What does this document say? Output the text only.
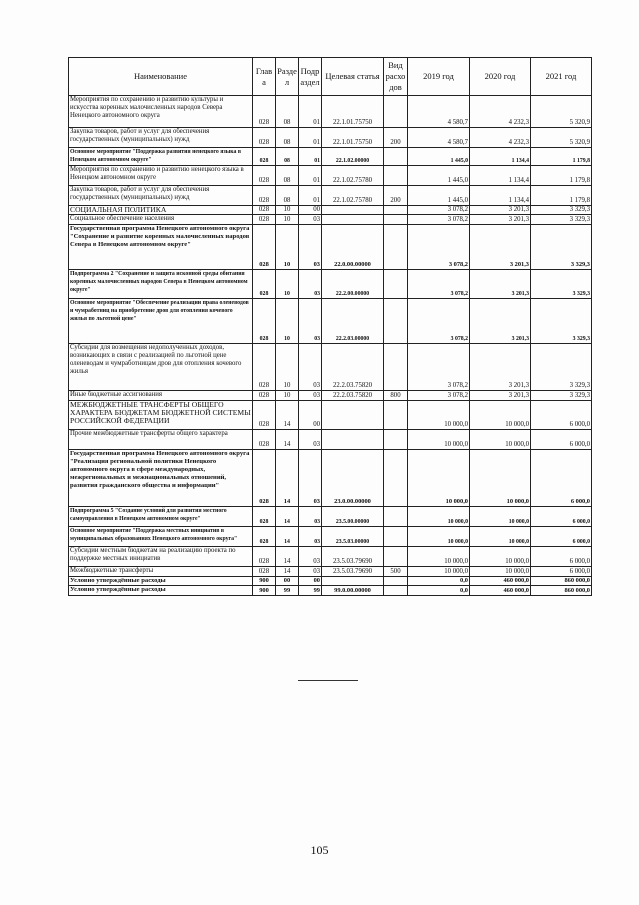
Наименование	Глав а	Разде л	Подр аздел	Целевая статья	Вид расхо дов	2019 год	2020 год	2021 год
Мероприятия по сохранению и развитию культуры и искусства коренных малочисленных народов Севера Ненецкого автономного округа	028	08	01	22.1.01.75750		4 580,7	4 232,3	5 320,9
Закупка товаров, работ и услуг для обеспечения государственных (муниципальных) нужд	028	08	01	22.1.01.75750	200	4 580,7	4 232,3	5 320,9
Основное мероприятие "Поддержка развития ненецкого языка в Ненецком автономном округе"	028	08	01	22.1.02.00000		1 445,0	1 134,4	1 179,8
Мероприятия по сохранению и развитию ненецкого языка в Ненецком автономном округе	028	08	01	22.1.02.75780		1 445,0	1 134,4	1 179,8
Закупка товаров, работ и услуг для обеспечения государственных (муниципальных) нужд	028	08	01	22.1.02.75780	200	1 445,0	1 134,4	1 179,8
СОЦИАЛЬНАЯ ПОЛИТИКА	028	10	00			3 078,2	3 201,3	3 329,3
Социальное обеспечение населения	028	10	03			3 078,2	3 201,3	3 329,3
Государственная программа Ненецкого автономного округа "Сохранение и развитие коренных малочисленных народов Севера в Ненецком автономном округе"	028	10	03	22.0.00.00000		3 078,2	3 201,3	3 329,3
Подпрограмма 2 "Сохранение и защита исконной среды обитания коренных малочисленных народов Севера в Ненецком автономном округе"	028	10	03	22.2.00.00000		3 078,2	3 201,3	3 329,3
Основное мероприятие "Обеспечение реализации права оленеводов и чумработниц на приобретение дров для отопления кочевого жилья по льготной цене"	028	10	03	22.2.03.00000		3 078,2	3 201,3	3 329,3
Субсидии для возмещения недополученных доходов, возникающих в связи с реализацией по льготной цене оленеводам и чумработницам дров для отопления кочевого жилья	028	10	03	22.2.03.75820		3 078,2	3 201,3	3 329,3
Иные бюджетные ассигнования	028	10	03	22.2.03.75820	800	3 078,2	3 201,3	3 329,3
МЕЖБЮДЖЕТНЫЕ ТРАНСФЕРТЫ ОБЩЕГО ХАРАКТЕРА БЮДЖЕТАМ БЮДЖЕТНОЙ СИСТЕМЫ РОССИЙСКОЙ ФЕДЕРАЦИИ	028	14	00			10 000,0	10 000,0	6 000,0
Прочие межбюджетные трансферты общего характера	028	14	03			10 000,0	10 000,0	6 000,0
Государственная программа Ненецкого автономного округа "Реализация региональной политики Ненецкого автономного округа в сфере международных, межрегиональных и межнациональных отношений, развития гражданского общества и информации"	028	14	03	23.0.00.00000		10 000,0	10 000,0	6 000,0
Подпрограмма 5 "Создание условий для развития местного самоуправления в Ненецком автономном округе"	028	14	03	23.5.00.00000		10 000,0	10 000,0	6 000,0
Основное мероприятие "Поддержка местных инициатив в муниципальных образованиях Ненецкого автономного округа"	028	14	03	23.5.03.00000		10 000,0	10 000,0	6 000,0
Субсидии местным бюджетам на реализацию проекта по поддержке местных инициатив	028	14	03	23.5.03.79690		10 000,0	10 000,0	6 000,0
Межбюджетные трансферты	028	14	03	23.5.03.79690	500	10 000,0	10 000,0	6 000,0
Условно утверждённые расходы	900	00	00			0,0	460 000,0	860 000,0
Условно утверждённые расходы	900	99	99	99.0.00.00000		0,0	460 000,0	860 000,0
105
